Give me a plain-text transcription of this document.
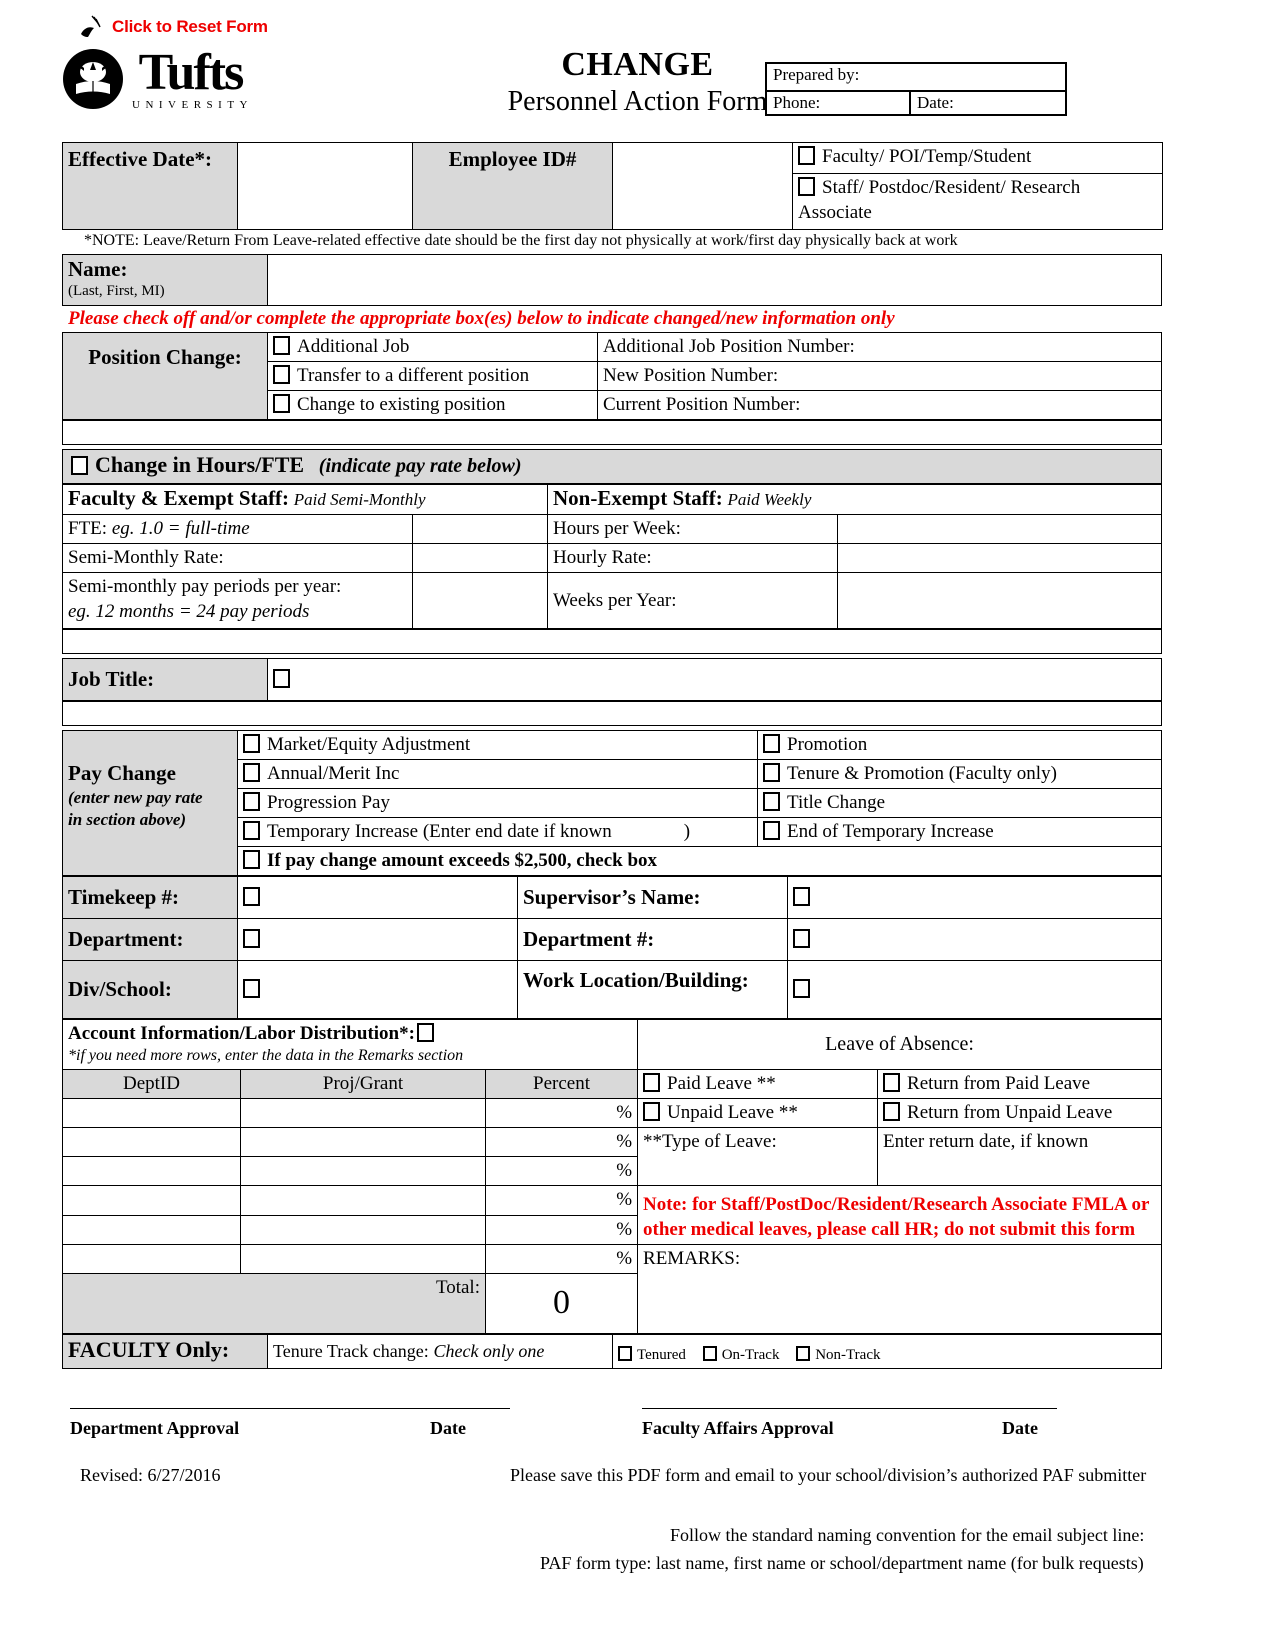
Click to Reset Form
1852 Tufts
UNIVERSITY
CHANGE
Personnel Action Form
Prepared by:
Phone:	Date:
Effective Date*:		Employee ID#		Faculty/ POI/Temp/Student
Staff/ Postdoc/Resident/ Research Associate
*NOTE: Leave/Return From Leave-related effective date should be the first day not physically at work/first day physically back at work
Name:
(Last, First, MI)

Please check off and/or complete the appropriate box(es) below to indicate changed/new information only
Position Change:	Additional Job	Additional Job Position Number:
	Transfer to a different position	New Position Number:
	Change to existing position	Current Position Number:
Change in Hours/FTE (indicate pay rate below)
Faculty & Exempt Staff: Paid Semi-Monthly		Non-Exempt Staff: Paid Weekly	
FTE: eg. 1.0 = full-time		Hours per Week:	
Semi-Monthly Rate:		Hourly Rate:	

Semi-monthly pay periods per year:
eg. 12 months = 24 pay periods		Weeks per Year:	
Job Title:	
Pay Change
(enter new pay rate
in section above)	Market/Equity Adjustment	Promotion
	Annual/Merit Inc	Tenure & Promotion (Faculty only)
	Progression Pay	Title Change
	Temporary Increase (Enter end date if known )	End of Temporary Increase
	If pay change amount exceeds $2,500, check box	
Timekeep #:		Supervisor’s Name:	
Department:		Department #:	
Div/School:		Work Location/Building:	
Account Information/Labor Distribution*:
*if you need more rows, enter the data in the Remarks section			Leave of Absence:	
DeptID	Proj/Grant	Percent	Paid Leave **	Return from Paid Leave
		%	Unpaid Leave **	Return from Unpaid Leave
		%	**Type of Leave:	Enter return date, if known
		%		
		%	Note: for Staff/PostDoc/Resident/Research Associate FMLA or
other medical leaves, please call HR; do not submit this form	

		%		
		%	REMARKS:	
Total:		0		
FACULTY Only:	Tenure Track change: Check only one	Tenured On-Track Non-Track
Department Approval	Date	Faculty Affairs Approval	Date
Revised: 6/27/2016	Please save this PDF form and email to your school/division’s authorized PAF submitter
Follow the standard naming convention for the email subject line:
PAF form type: last name, first name or school/department name (for bulk requests)
